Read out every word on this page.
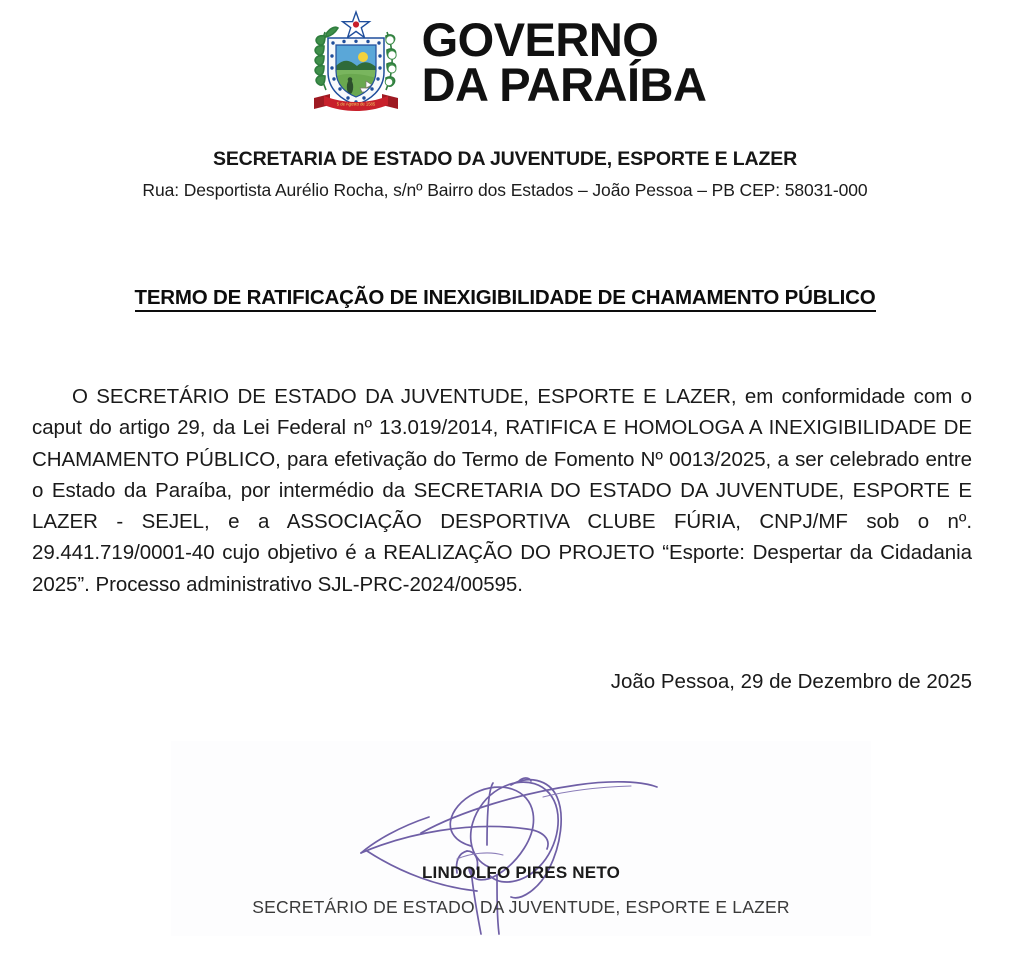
5 de Agosto de 1585
GOVERNO
DA PARAÍBA
SECRETARIA DE ESTADO DA JUVENTUDE, ESPORTE E LAZER
Rua: Desportista Aurélio Rocha, s/nº Bairro dos Estados – João Pessoa – PB CEP: 58031-000
TERMO DE RATIFICAÇÃO DE INEXIGIBILIDADE DE CHAMAMENTO PÚBLICO
O SECRETÁRIO DE ESTADO DA JUVENTUDE, ESPORTE E LAZER, em conformidade com o caput do artigo 29, da Lei Federal nº 13.019/2014, RATIFICA E HOMOLOGA A INEXIGIBILIDADE DE CHAMAMENTO PÚBLICO, para efetivação do Termo de Fomento Nº 0013/2025, a ser celebrado entre o Estado da Paraíba, por intermédio da SECRETARIA DO ESTADO DA JUVENTUDE, ESPORTE E LAZER - SEJEL, e a ASSOCIAÇÃO DESPORTIVA CLUBE FÚRIA, CNPJ/MF sob o nº. 29.441.719/0001-40 cujo objetivo é a REALIZAÇÃO DO PROJETO “Esporte: Despertar da Cidadania 2025”. Processo administrativo SJL-PRC-2024/00595.
João Pessoa, 29 de Dezembro de 2025
LINDOLFO PIRES NETO
SECRETÁRIO DE ESTADO DA JUVENTUDE, ESPORTE E LAZER
